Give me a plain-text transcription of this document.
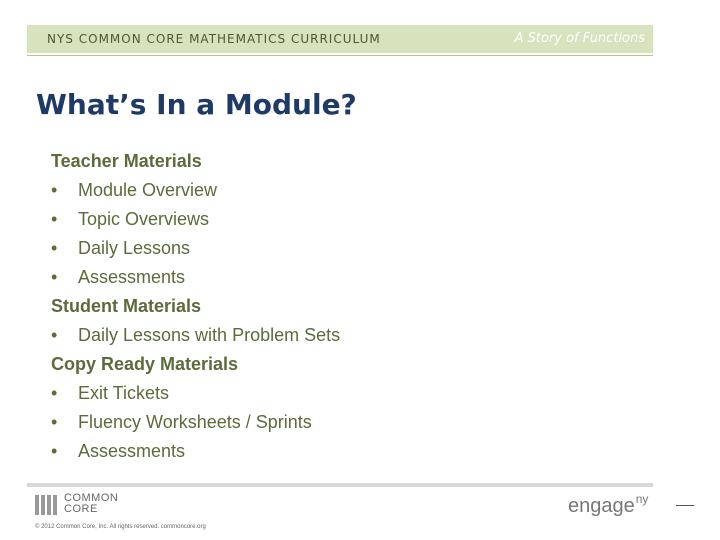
NYS COMMON CORE MATHEMATICS CURRICULUM	A Story of Functions
What’s In a Module?
Teacher Materials
• Module Overview
• Topic Overviews
• Daily Lessons
• Assessments
Student Materials
• Daily Lessons with Problem Sets
Copy Ready Materials
• Exit Tickets
• Fluency Worksheets / Sprints
• Assessments
COMMON
CORE
© 2012 Common Core, Inc. All rights reserved. commoncore.org
engage$^{ny}$
